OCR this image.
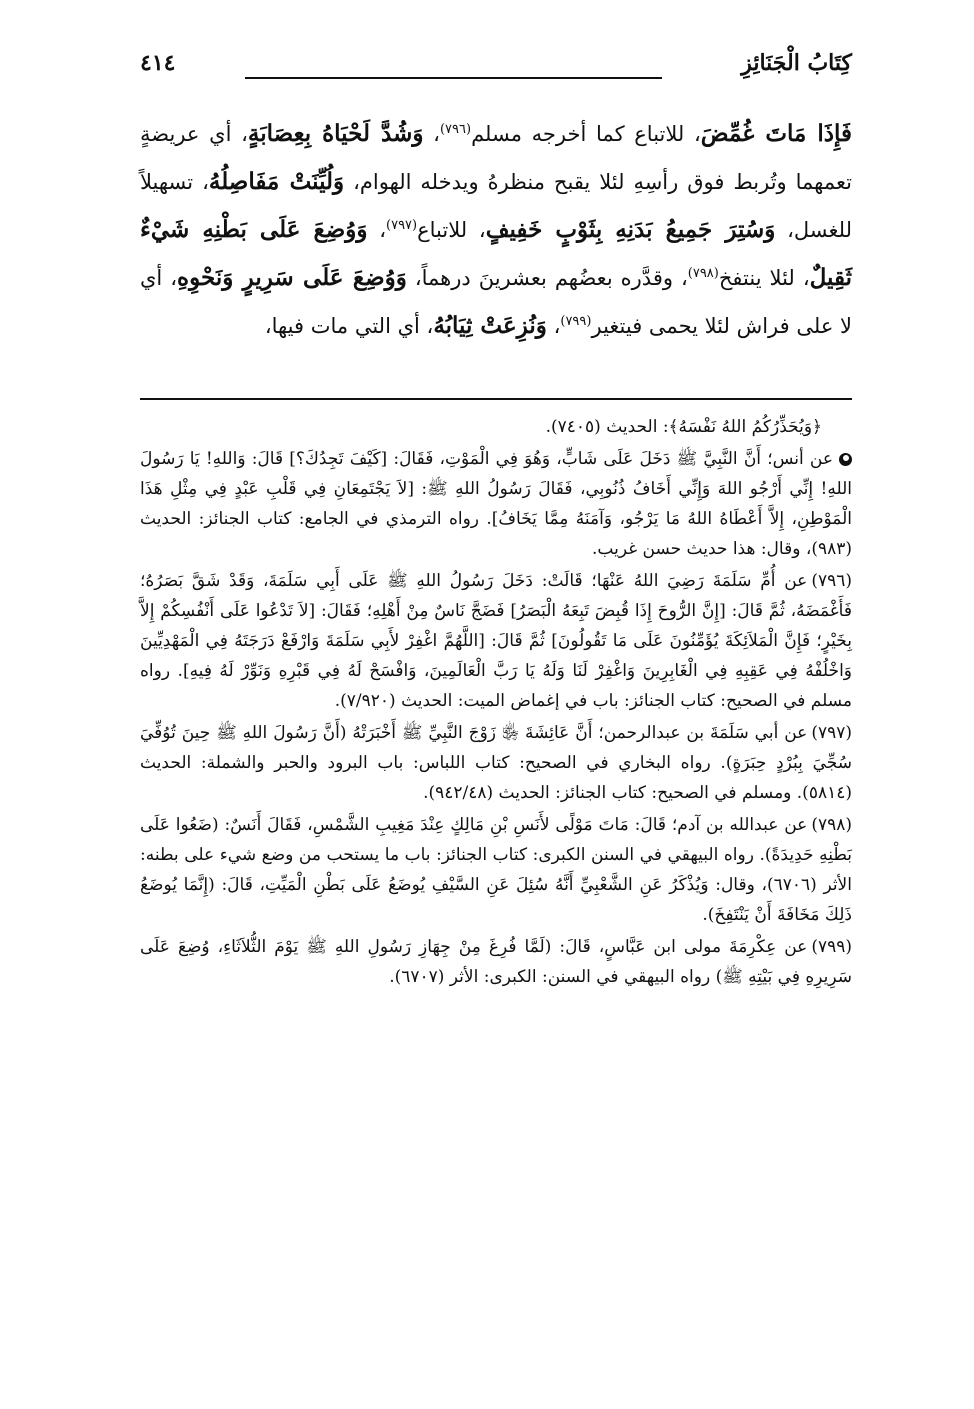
كِتَابُ الْجَنَائِزِ
٤١٤

فَإِذَا مَاتَ غُمِّضَ، للاتباع كما أخرجه مسلم$^{(٧٩٦)}$، وَشُدَّ لَحْيَاهُ بِعِصَابَةٍ، أي عريضةٍ تعمهما وتُربط فوق رأسِهِ لئلا يقبح منظرهُ ويدخله الهوام، وَلُيِّنَتْ مَفَاصِلُهُ، تسهيلاً للغسل، وَسُتِرَ جَمِيعُ بَدَنِهِ بِثَوْبٍ خَفِيفٍ، للاتباع$^{(٧٩٧)}$، وَوُضِعَ عَلَى بَطْنِهِ شَيْءٌ ثَقِيلٌ، لئلا ينتفخ$^{(٧٩٨)}$، وقدَّره بعضُهم بعشرينَ درهماً، وَوُضِعَ عَلَى سَرِيرٍ وَنَحْوِهِ، أي لا على فراش لئلا يحمى فيتغير$^{(٧٩٩)}$، وَنُزِعَتْ ثِيَابُهُ، أي التي مات فيها،

﴿وَيُحَذِّرُكُمُ اللهُ نَفْسَهُ﴾: الحديث (٧٤٠٥).

عن أنس؛ أَنَّ النَّبِيَّ ﷺ دَخَلَ عَلَى شَابٍّ، وَهُوَ فِي الْمَوْتِ، فَقَالَ: [كَيْفَ تَجِدُكَ؟] قَالَ: وَاللهِ! يَا رَسُولَ اللهِ! إِنِّي أَرْجُو اللهَ وَإِنِّي أَخَافُ ذُنُوبِي، فَقَالَ رَسُولُ اللهِ ﷺ: [لاَ يَجْتَمِعَانِ فِي قَلْبِ عَبْدٍ فِي مِثْلِ هَذَا الْمَوْطِنِ، إِلاَّ أَعْطَاهُ اللهُ مَا يَرْجُو، وَآمَنَهُ مِمَّا يَخَافُ]. رواه الترمذي في الجامع: كتاب الجنائز: الحديث (٩٨٣)، وقال: هذا حديث حسن غريب.

(٧٩٦)عن أُمِّ سَلَمَةَ رَضِيَ اللهُ عَنْهَا؛ قَالَتْ: دَخَلَ رَسُولُ اللهِ ﷺ عَلَى أَبِي سَلَمَةَ، وَقَدْ شَقَّ بَصَرُهُ؛ فَأَغْمَضَهُ، ثُمَّ قَالَ: [إِنَّ الرُّوحَ إِذَا قُبِضَ تَبِعَهُ الْبَصَرُ] فَضَجَّ نَاسٌ مِنْ أَهْلِهِ؛ فَقَالَ: [لاَ تَدْعُوا عَلَى أَنْفُسِكُمْ إِلاَّ بِخَيْرٍ؛ فَإِنَّ الْمَلاَئِكَةَ يُؤَمِّنُونَ عَلَى مَا تَقُولُونَ] ثُمَّ قَالَ: [اللَّهُمَّ اغْفِرْ لأَبِي سَلَمَةَ وَارْفَعْ دَرَجَتَهُ فِي الْمَهْدِيِّينَ وَاخْلُفْهُ فِي عَقِبِهِ فِي الْغَابِرِينَ وَاغْفِرْ لَنَا وَلَهُ يَا رَبَّ الْعَالَمِينَ، وَافْسَحْ لَهُ فِي قَبْرِهِ وَنَوِّرْ لَهُ فِيهِ]. رواه مسلم في الصحيح: كتاب الجنائز: باب في إغماض الميت: الحديث (٧/٩٢٠).

(٧٩٧)عن أبي سَلَمَةَ بن عبدالرحمن؛ أَنَّ عَائِشَةَ ﵂ زَوْجَ النَّبِيِّ ﷺ أَخْبَرَتْهُ (أَنَّ رَسُولَ اللهِ ﷺ حِينَ تُوُفِّيَ سُجِّيَ بِبُرْدٍ حِبَرَةٍ). رواه البخاري في الصحيح: كتاب اللباس: باب البرود والحبر والشملة: الحديث (٥٨١٤). ومسلم في الصحيح: كتاب الجنائز: الحديث (٩٤٢/٤٨).

(٧٩٨)عن عبدالله بن آدم؛ قَالَ: مَاتَ مَوْلًى لأَنَسِ بْنِ مَالِكٍ عِنْدَ مَغِيبِ الشَّمْسِ، فَقَالَ أَنَسٌ: (ضَعُوا عَلَى بَطْنِهِ حَدِيدَةً). رواه البيهقي في السنن الكبرى: كتاب الجنائز: باب ما يستحب من وضع شيء على بطنه: الأثر (٦٧٠٦)، وقال: وَيُذْكَرُ عَنِ الشَّعْبِيِّ أَنَّهُ سُئِلَ عَنِ السَّيْفِ يُوضَعُ عَلَى بَطْنِ الْمَيِّتِ، قَالَ: (إِنَّمَا يُوضَعُ ذَلِكَ مَخَافَةَ أَنْ يَنْتَفِخَ).

(٧٩٩)عن عِكْرِمَةَ مولى ابن عَبَّاسٍ، قَالَ: (لَمَّا فُرِغَ مِنْ جِهَازِ رَسُولِ اللهِ ﷺ يَوْمَ الثُّلاَثَاءِ، وُضِعَ عَلَى سَرِيرِهِ فِي بَيْتِهِ ﷺ) رواه البيهقي في السنن: الكبرى: الأثر (٦٧٠٧).
